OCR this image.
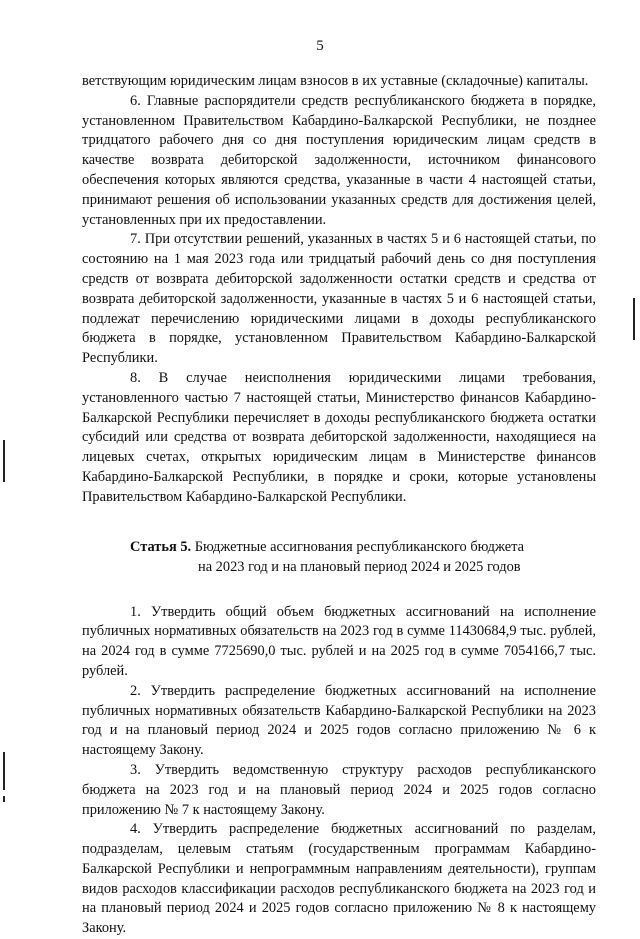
5

ветствующим юридическим лицам взносов в их уставные (складочные) капиталы.

6. Главные распорядители средств республиканского бюджета в порядке, установленном Правительством Кабардино-Балкарской Республики, не позднее тридцатого рабочего дня со дня поступления юридическим лицам средств в качестве возврата дебиторской задолженности, источником финансового обеспечения которых являются средства, указанные в части 4 настоящей статьи, принимают решения об использовании указанных средств для достижения целей, установленных при их предоставлении.

7. При отсутствии решений, указанных в частях 5 и 6 настоящей статьи, по состоянию на 1 мая 2023 года или тридцатый рабочий день со дня поступления средств от возврата дебиторской задолженности остатки средств и средства от возврата дебиторской задолженности, указанные в частях 5 и 6 настоящей статьи, подлежат перечислению юридическими лицами в доходы республиканского бюджета в порядке, установленном Правительством Кабардино-Балкарской Республики.

8. В случае неисполнения юридическими лицами требования, установленного частью 7 настоящей статьи, Министерство финансов Кабардино-Балкарской Республики перечисляет в доходы республиканского бюджета остатки субсидий или средства от возврата дебиторской задолженности, находящиеся на лицевых счетах, открытых юридическим лицам в Министерстве финансов Кабардино-Балкарской Республики, в порядке и сроки, которые установлены Правительством Кабардино-Балкарской Республики.

Статья 5. Бюджетные ассигнования республиканского бюджета
на 2023 год и на плановый период 2024 и 2025 годов

1. Утвердить общий объем бюджетных ассигнований на исполнение публичных нормативных обязательств на 2023 год в сумме 11430684,9 тыс. рублей, на 2024 год в сумме 7725690,0 тыс. рублей и на 2025 год в сумме 7054166,7 тыс. рублей.

2. Утвердить распределение бюджетных ассигнований на исполнение публичных нормативных обязательств Кабардино-Балкарской Республики на 2023 год и на плановый период 2024 и 2025 годов согласно приложению № 6 к настоящему Закону.

3. Утвердить ведомственную структуру расходов республиканского бюджета на 2023 год и на плановый период 2024 и 2025 годов согласно приложению № 7 к настоящему Закону.

4. Утвердить распределение бюджетных ассигнований по разделам, подразделам, целевым статьям (государственным программам Кабардино-Балкарской Республики и непрограммным направлениям деятельности), группам видов расходов классификации расходов республиканского бюджета на 2023 год и на плановый период 2024 и 2025 годов согласно приложению № 8 к настоящему Закону.
